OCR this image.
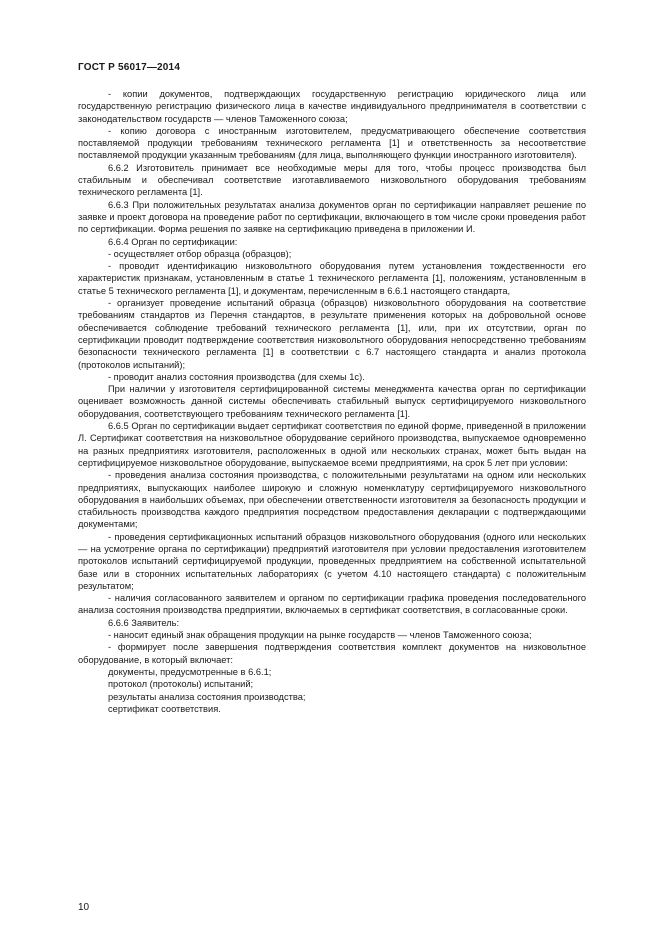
ГОСТ Р 56017—2014

- копии документов, подтверждающих государственную регистрацию юридического лица или государственную регистрацию физического лица в качестве индивидуального предпринимателя в соответствии с законодательством государств — членов Таможенного союза;

- копию договора с иностранным изготовителем, предусматривающего обеспечение соответствия поставляемой продукции требованиям технического регламента [1] и ответственность за несоответствие поставляемой продукции указанным требованиям (для лица, выполняющего функции иностранного изготовителя).

6.6.2 Изготовитель принимает все необходимые меры для того, чтобы процесс производства был стабильным и обеспечивал соответствие изготавливаемого низковольтного оборудования требованиям технического регламента [1].

6.6.3 При положительных результатах анализа документов орган по сертификации направляет решение по заявке и проект договора на проведение работ по сертификации, включающего в том числе сроки проведения работ по сертификации. Форма решения по заявке на сертификацию приведена в приложении И.

6.6.4 Орган по сертификации:

- осуществляет отбор образца (образцов);

- проводит идентификацию низковольтного оборудования путем установления тождественности его характеристик признакам, установленным в статье 1 технического регламента [1], положениям, установленным в статье 5 технического регламента [1], и документам, перечисленным в 6.6.1 настоящего стандарта,

- организует проведение испытаний образца (образцов) низковольтного оборудования на соответствие требованиям стандартов из Перечня стандартов, в результате применения которых на добровольной основе обеспечивается соблюдение требований технического регламента [1], или, при их отсутствии, орган по сертификации проводит подтверждение соответствия низковольтного оборудования непосредственно требованиям безопасности технического регламента [1] в соответствии с 6.7 настоящего стандарта и анализ протокола (протоколов испытаний);

- проводит анализ состояния производства (для схемы 1с).

При наличии у изготовителя сертифицированной системы менеджмента качества орган по сертификации оценивает возможность данной системы обеспечивать стабильный выпуск сертифицируемого низковольтного оборудования, соответствующего требованиям технического регламента [1].

6.6.5 Орган по сертификации выдает сертификат соответствия по единой форме, приведенной в приложении Л. Сертификат соответствия на низковольтное оборудование серийного производства, выпускаемое одновременно на разных предприятиях изготовителя, расположенных в одной или нескольких странах, может быть выдан на сертифицируемое низковольтное оборудование, выпускаемое всеми предприятиями, на срок 5 лет при условии:

- проведения анализа состояния производства, с положительными результатами на одном или нескольких предприятиях, выпускающих наиболее широкую и сложную номенклатуру сертифицируемого низковольтного оборудования в наибольших объемах, при обеспечении ответственности изготовителя за безопасность продукции и стабильность производства каждого предприятия посредством предоставления декларации с подтверждающими документами;

- проведения сертификационных испытаний образцов низковольтного оборудования (одного или нескольких — на усмотрение органа по сертификации) предприятий изготовителя при условии предоставления изготовителем протоколов испытаний сертифицируемой продукции, проведенных предприятием на собственной испытательной базе или в сторонних испытательных лабораториях (с учетом 4.10 настоящего стандарта) с положительным результатом;

- наличия согласованного заявителем и органом по сертификации графика проведения последовательного анализа состояния производства предприятии, включаемых в сертификат соответствия, в согласованные сроки.

6.6.6 Заявитель:

- наносит единый знак обращения продукции на рынке государств — членов Таможенного союза;

- формирует после завершения подтверждения соответствия комплект документов на низковольтное оборудование, в который включает:

документы, предусмотренные в 6.6.1;

протокол (протоколы) испытаний;

результаты анализа состояния производства;

сертификат соответствия.

10
